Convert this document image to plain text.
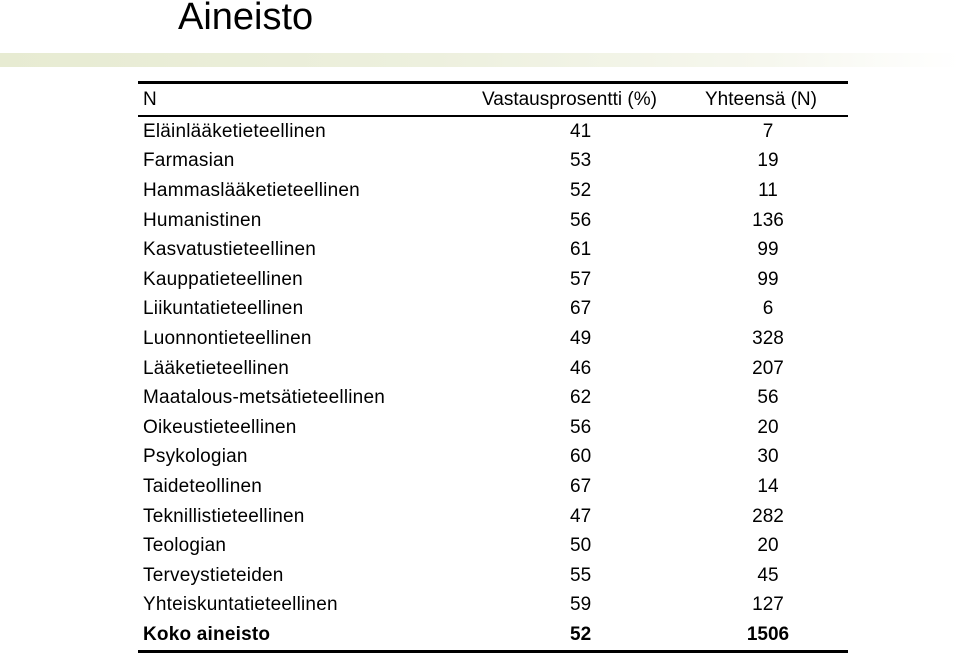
Aineisto
N	Vastausprosentti (%)	Yhteensä (N)
Eläinlääketieteellinen	41	7
Farmasian	53	19
Hammaslääketieteellinen	52	11
Humanistinen	56	136
Kasvatustieteellinen	61	99
Kauppatieteellinen	57	99
Liikuntatieteellinen	67	6
Luonnontieteellinen	49	328
Lääketieteellinen	46	207
Maatalous-metsätieteellinen	62	56
Oikeustieteellinen	56	20
Psykologian	60	30
Taideteollinen	67	14
Teknillistieteellinen	47	282
Teologian	50	20
Terveystieteiden	55	45
Yhteiskuntatieteellinen	59	127
Koko aineisto	52	1506
